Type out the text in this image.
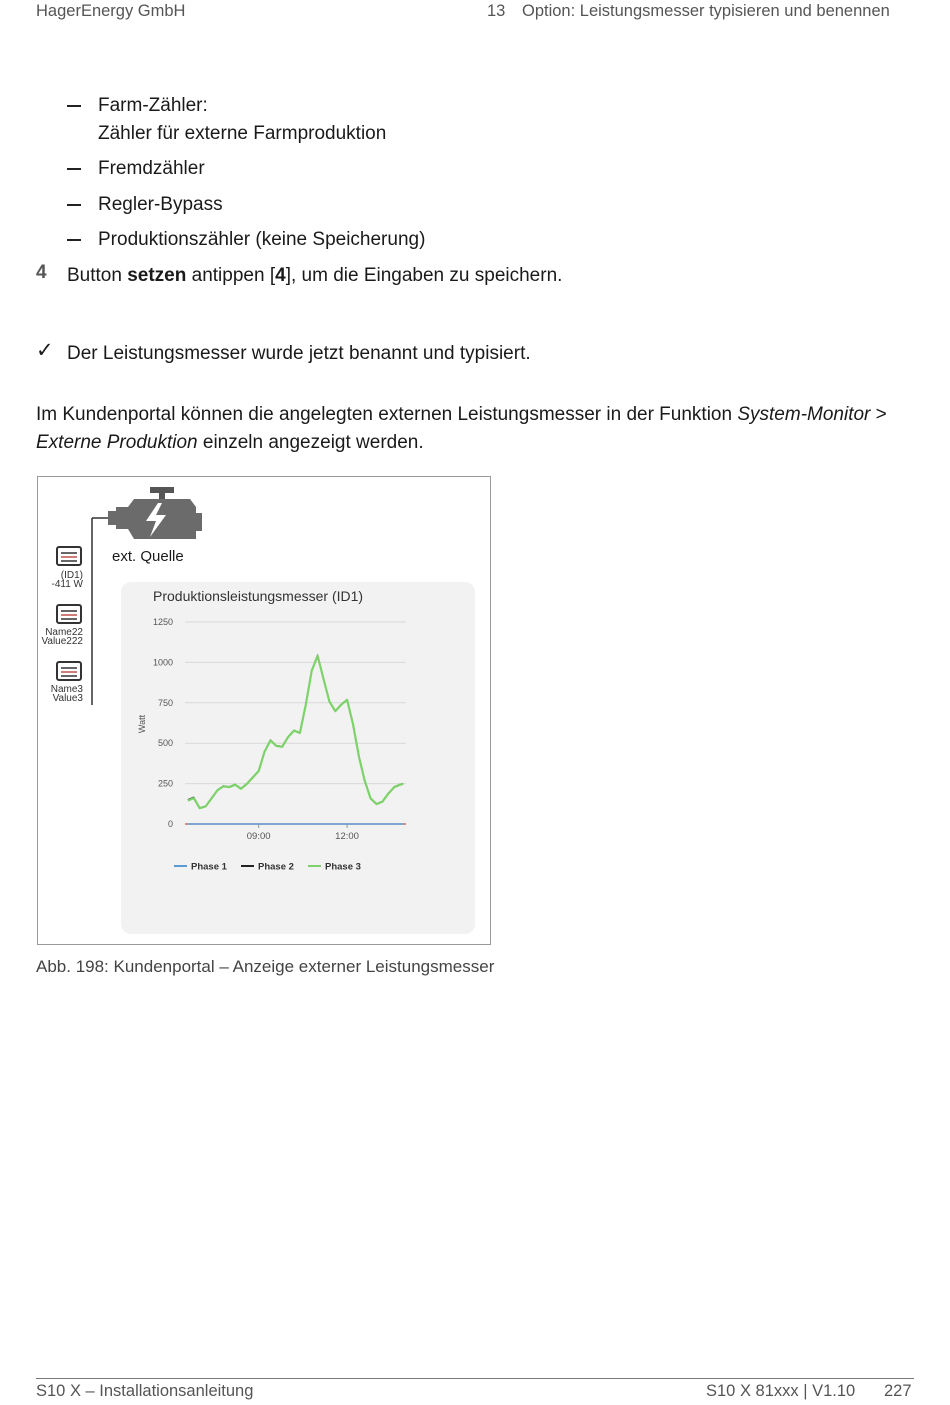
HagerEnergy GmbH	13 Option: Leistungsmesser typisieren und benennen
Farm-Zähler:
Zähler für externe Farmproduktion
Fremdzähler
Regler-Bypass
Produktionszähler (keine Speicherung)
4 Button setzen antippen [4], um die Eingaben zu speichern.
✓ Der Leistungsmesser wurde jetzt benannt und typisiert.
Im Kundenportal können die angelegten externen Leistungsmesser in der Funktion System-Monitor > Externe Produktion einzeln angezeigt werden.
ext. Quelle
(ID1)
-411 W
Name22
Value222
Name3
Value3
Produktionsleistungsmesser (ID1)
Watt
0
250
500
750
1000
1250
09:00	12:00
Phase 1	Phase 2	Phase 3
Abb. 198: Kundenportal – Anzeige externer Leistungsmesser
S10 X – Installationsanleitung	S10 X 81xxx | V1.10 227
